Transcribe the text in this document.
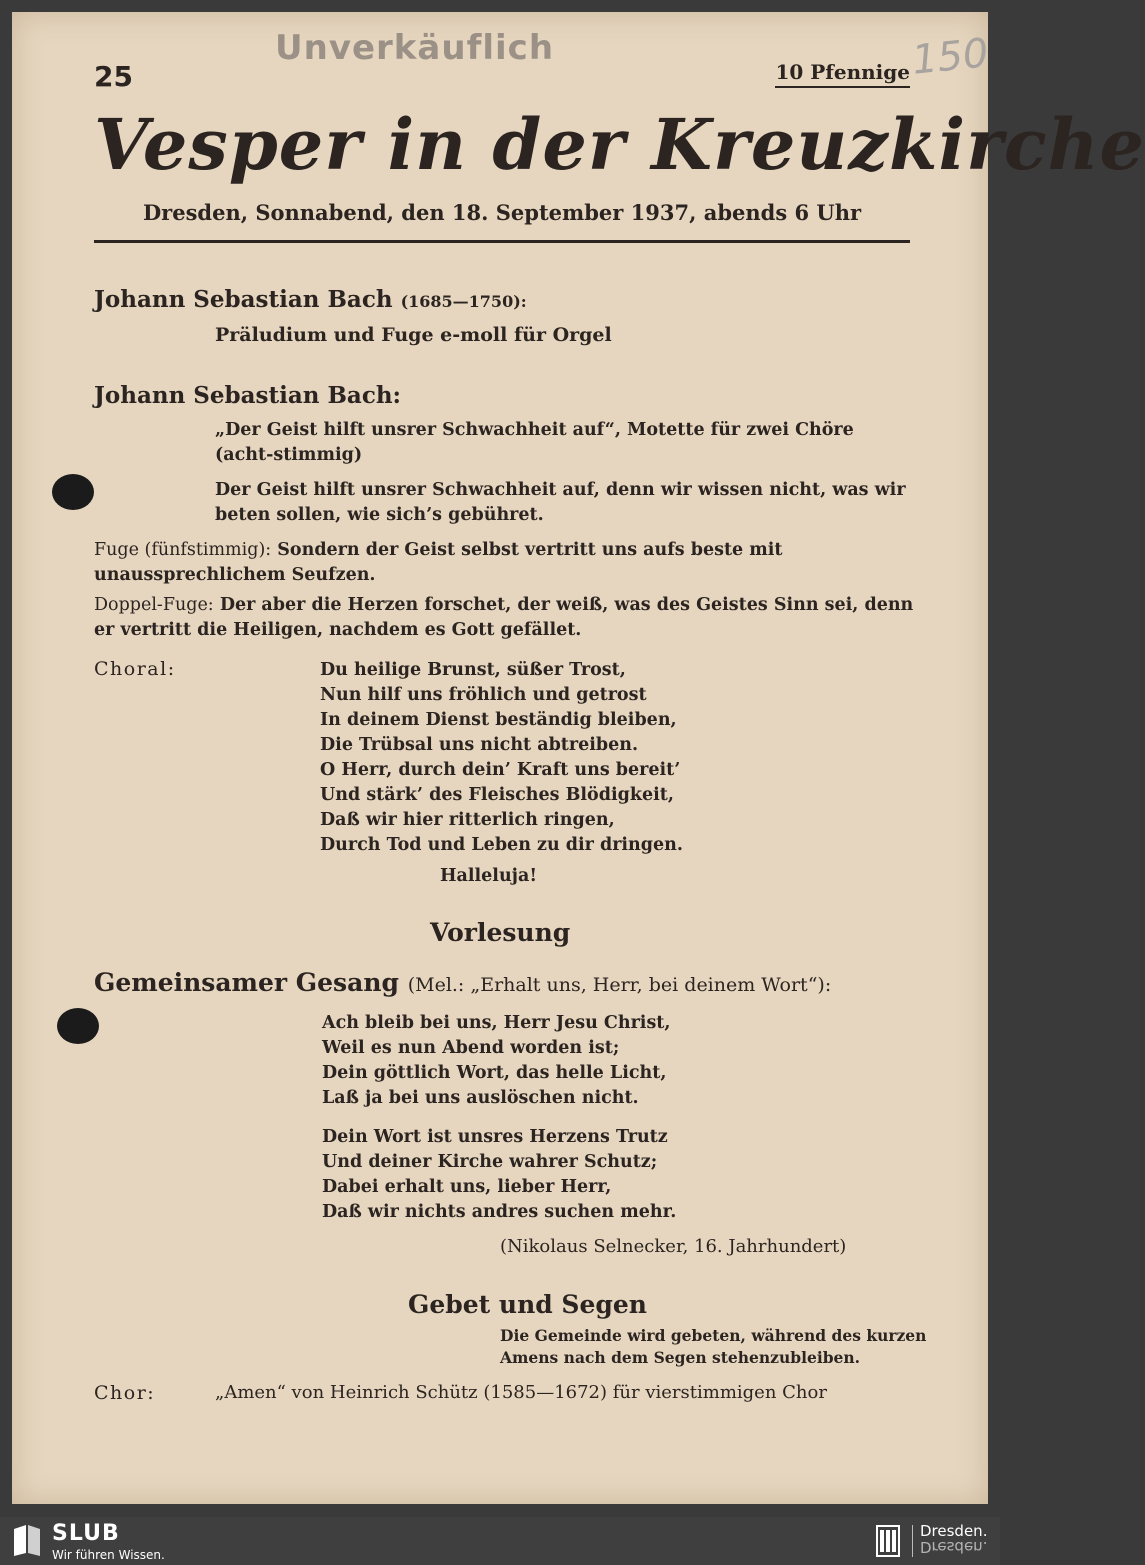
Unverkäuflich
25	10 Pfennige 150
Vesper in der Kreuzkirche
Dresden, Sonnabend, den 18. September 1937, abends 6 Uhr
Johann Sebastian Bach (1685—1750):
Präludium und Fuge e-moll für Orgel
Johann Sebastian Bach:
„Der Geist hilft unsrer Schwachheit auf“, Motette für zwei Chöre (acht-stimmig)
Der Geist hilft unsrer Schwachheit auf, denn wir wissen nicht, was wir beten sollen, wie sich’s gebühret.
Fuge (fünfstimmig): Sondern der Geist selbst vertritt uns aufs beste mit unaussprechlichem Seufzen.
Doppel-Fuge: Der aber die Herzen forschet, der weiß, was des Geistes Sinn sei, denn er vertritt die Heiligen, nachdem es Gott gefället.
Choral:	Du heilige Brunst, süßer Trost,
Nun hilf uns fröhlich und getrost
In deinem Dienst beständig bleiben,
Die Trübsal uns nicht abtreiben.
O Herr, durch dein’ Kraft uns bereit’
Und stärk’ des Fleisches Blödigkeit,
Daß wir hier ritterlich ringen,
Durch Tod und Leben zu dir dringen.
Halleluja!
Vorlesung
Gemeinsamer Gesang (Mel.: „Erhalt uns, Herr, bei deinem Wort“):
Ach bleib bei uns, Herr Jesu Christ,
Weil es nun Abend worden ist;
Dein göttlich Wort, das helle Licht,
Laß ja bei uns auslöschen nicht.
Dein Wort ist unsres Herzens Trutz
Und deiner Kirche wahrer Schutz;
Dabei erhalt uns, lieber Herr,
Daß wir nichts andres suchen mehr.
(Nikolaus Selnecker, 16. Jahrhundert)
Gebet und Segen
Die Gemeinde wird gebeten, während des kurzen
Amens nach dem Segen stehenzubleiben.
Chor:	„Amen“ von Heinrich Schütz (1585—1672) für vierstimmigen Chor
SLUB
Wir führen Wissen.
Dresden.
Dresden.
